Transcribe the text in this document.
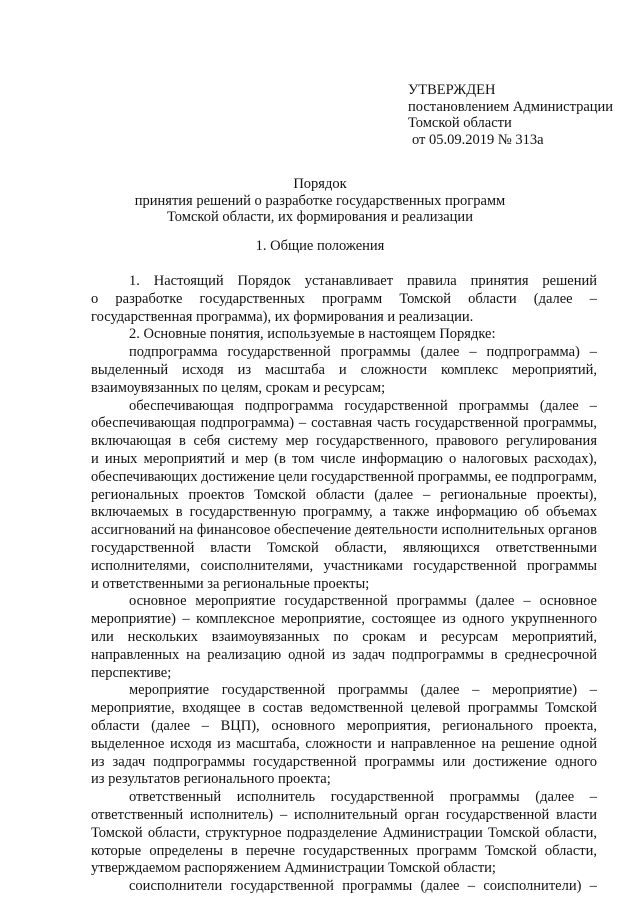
УТВЕРЖДЕН
постановлением Администрации
Томской области
от 05.09.2019 № 313а
Порядок
принятия решений о разработке государственных программ
Томской области, их формирования и реализации
1. Общие положения
1. Настоящий Порядок устанавливает правила принятия решений
о разработке государственных программ Томской области (далее –
государственная программа), их формирования и реализации.
2. Основные понятия, используемые в настоящем Порядке:
подпрограмма государственной программы (далее – подпрограмма) –
выделенный исходя из масштаба и сложности комплекс мероприятий,
взаимоувязанных по целям, срокам и ресурсам;
обеспечивающая подпрограмма государственной программы (далее –
обеспечивающая подпрограмма) – составная часть государственной программы,
включающая в себя систему мер государственного, правового регулирования
и иных мероприятий и мер (в том числе информацию о налоговых расходах),
обеспечивающих достижение цели государственной программы, ее подпрограмм,
региональных проектов Томской области (далее – региональные проекты),
включаемых в государственную программу, а также информацию об объемах
ассигнований на финансовое обеспечение деятельности исполнительных органов
государственной власти Томской области, являющихся ответственными
исполнителями, соисполнителями, участниками государственной программы
и ответственными за региональные проекты;
основное мероприятие государственной программы (далее – основное
мероприятие) – комплексное мероприятие, состоящее из одного укрупненного
или нескольких взаимоувязанных по срокам и ресурсам мероприятий,
направленных на реализацию одной из задач подпрограммы в среднесрочной
перспективе;
мероприятие государственной программы (далее – мероприятие) –
мероприятие, входящее в состав ведомственной целевой программы Томской
области (далее – ВЦП), основного мероприятия, регионального проекта,
выделенное исходя из масштаба, сложности и направленное на решение одной
из задач подпрограммы государственной программы или достижение одного
из результатов регионального проекта;
ответственный исполнитель государственной программы (далее –
ответственный исполнитель) – исполнительный орган государственной власти
Томской области, структурное подразделение Администрации Томской области,
которые определены в перечне государственных программ Томской области,
утверждаемом распоряжением Администрации Томской области;
соисполнители государственной программы (далее – соисполнители) –
